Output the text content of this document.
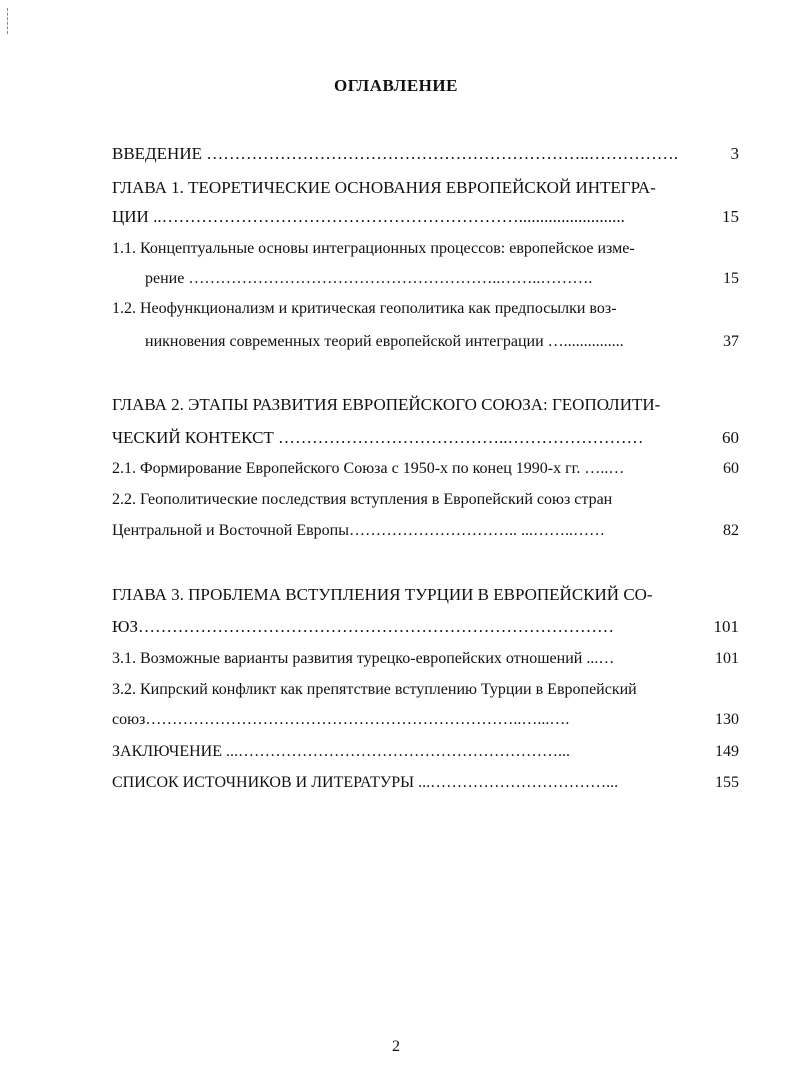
ОГЛАВЛЕНИЕ
ВВЕДЕНИЕ …………………………………………………………..…………….	3
ГЛАВА 1. ТЕОРЕТИЧЕСКИЕ ОСНОВАНИЯ ЕВРОПЕЙСКОЙ ИНТЕГРА-
ЦИИ ..……………………………………………………….........................	15
1.1. Концептуальные основы интеграционных процессов: европейское изме-
рение …………………………………………………..……..……….	15
1.2. Неофункционализм и критическая геополитика как предпосылки воз-
никновения современных теорий европейской интеграции …...............	37
ГЛАВА 2. ЭТАПЫ РАЗВИТИЯ ЕВРОПЕЙСКОГО СОЮЗА: ГЕОПОЛИТИ-
ЧЕСКИЙ КОНТЕКСТ …………………………………..……………………	60
2.1. Формирование Европейского Союза с 1950-х по конец 1990-х гг. …..…	60
2.2. Геополитические последствия вступления в Европейский союз стран
Центральной и Восточной Европы………………………….. ...……..……	82
ГЛАВА 3. ПРОБЛЕМА ВСТУПЛЕНИЯ ТУРЦИИ В ЕВРОПЕЙСКИЙ СО-
ЮЗ…………………………………………………………………………	101
3.1. Возможные варианты развития турецко-европейских отношений ...…	101
3.2. Кипрский конфликт как препятствие вступлению Турции в Европейский
союз……………………………………………………………..…...….	130
ЗАКЛЮЧЕНИЕ ...……………………………………………………...	149
СПИСОК ИСТОЧНИКОВ И ЛИТЕРАТУРЫ ...……………………………...	155
2
